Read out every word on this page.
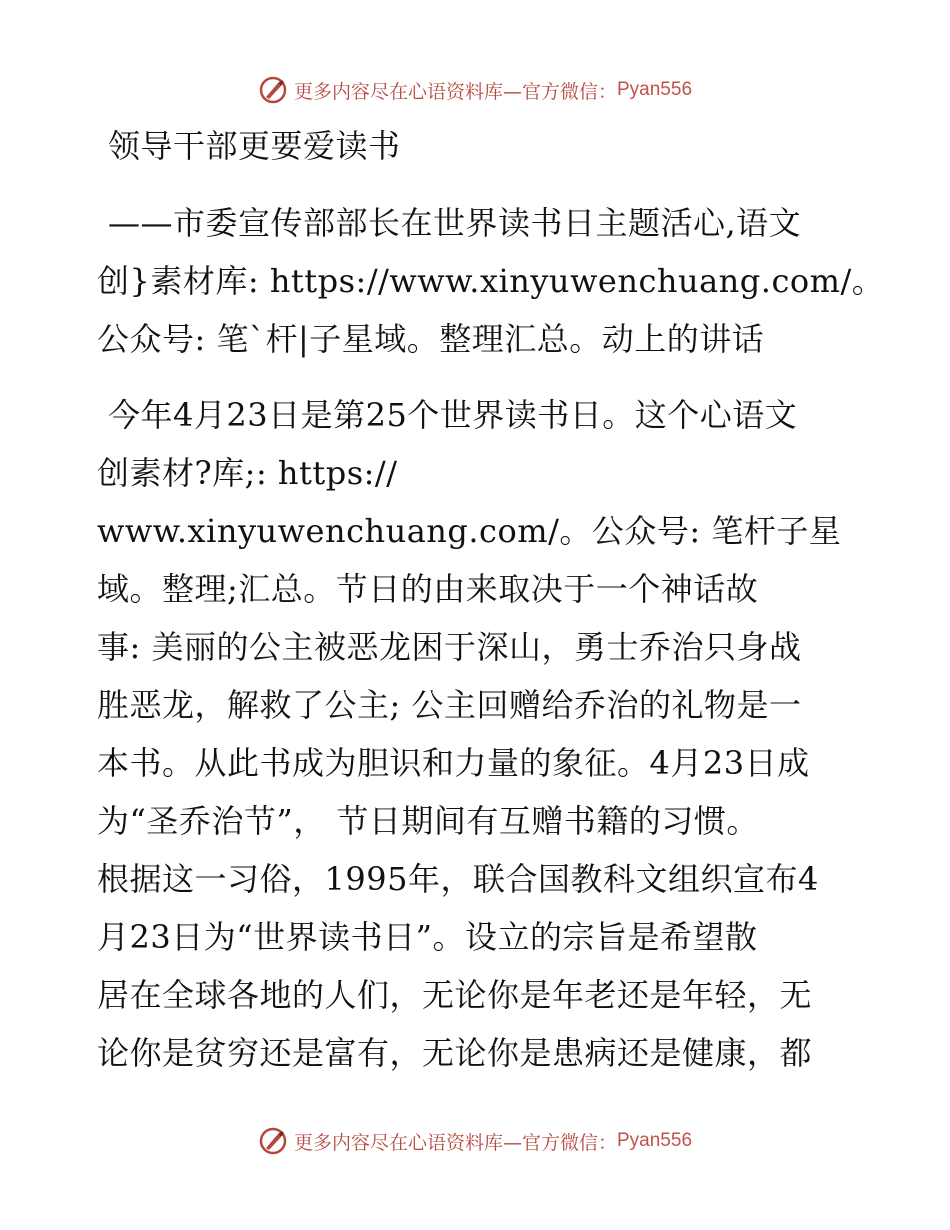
更多内容尽在心语资料库—官方微信： Pyan556
领导干部更要爱读书
——市委宣传部部长在世界读书日主题活心,语文
创}素材库: https://www.xinyuwenchuang.com/。
公众号: 笔`杆|子星域。整理汇总。动上的讲话
今年4月23日是第25个世界读书日。这个心语文
创素材?库;: https://
www.xinyuwenchuang.com/。公众号: 笔杆子星
域。整理;汇总。节日的由来取决于一个神话故
事: 美丽的公主被恶龙困于深山，勇士乔治只身战
胜恶龙，解救了公主; 公主回赠给乔治的礼物是一
本书。从此书成为胆识和力量的象征。4月23日成
为“圣乔治节”， 节日期间有互赠书籍的习惯。
根据这一习俗，1995年，联合国教科文组织宣布4
月23日为“世界读书日”。设立的宗旨是希望散
居在全球各地的人们，无论你是年老还是年轻，无
论你是贫穷还是富有，无论你是患病还是健康，都
更多内容尽在心语资料库—官方微信： Pyan556
